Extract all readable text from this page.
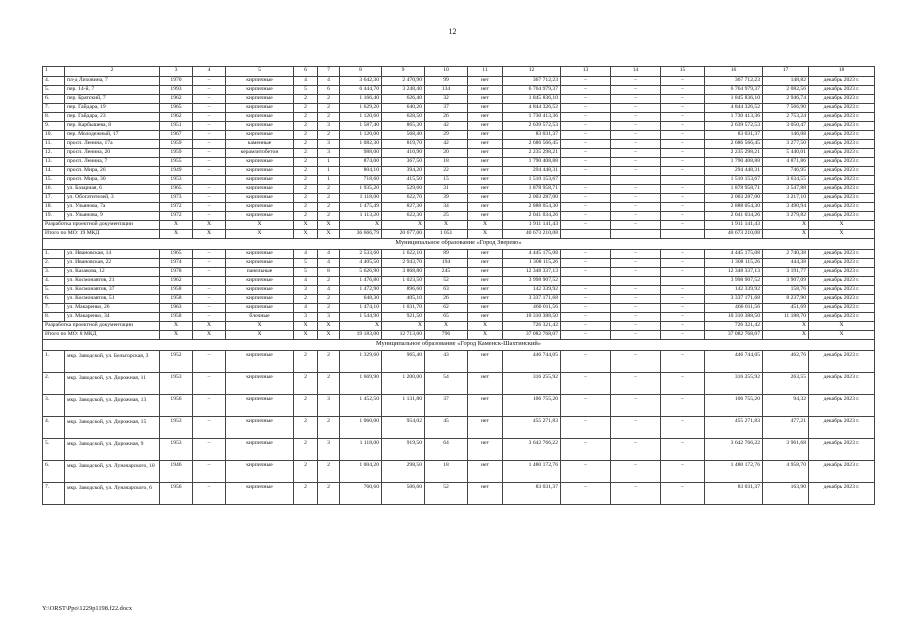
12
1	2	3	4	5	6	7	8	9	10	11	12	13	14	15	16	17	18
4.	пл-д Лиховина, 7	1970	–	кирпичные	4	4	3 642,30	2 470,90	99	нет	367 712,23	–	–	–	367 712,23	148,82	декабрь 2023 г.
5.	пер. 14-й, 7	1993	–	кирпичные	5	6	6 444,70	3 248,40	134	нет	6 764 979,37	–	–	–	6 764 979,37	2 082,56	декабрь 2023 г.
6.	пер. Братский, 7	1962	–	кирпичные	2	2	1 166,40	626,40	32	нет	1 845 836,10	–	–	–	1 845 836,10	2 946,74	декабрь 2023 г.
7.	пер. Гайдара, 19	1965	–	кирпичные	2	2	1 629,20	640,20	37	нет	4 844 326,52	–	–	–	4 844 326,52	7 566,90	декабрь 2023 г.
8.	пер. Гайдара, 23	1962	–	кирпичные	2	2	1 120,60	628,50	26	нет	1 730 413,36	–	–	–	1 730 413,36	2 753,24	декабрь 2023 г.
9.	пер. Карбышева, 8	1951	–	кирпичные	2	3	1 587,40	865,30	42	нет	2 639 572,53	–	–	–	2 639 572,53	3 050,47	декабрь 2023 г.
10.	пер. Молодежный, 17	1967	–	кирпичные	2	2	1 120,00	568,40	29	нет	83 031,37	–	–	–	83 031,37	146,08	декабрь 2023 г.
11.	просп. Ленина, 17а	1959	–	каменные	2	3	1 082,30	819,70	42	нет	2 686 566,45	–	–	–	2 686 566,45	3 277,50	декабрь 2023 г.
12.	просп. Ленина, 20	1959	–	керамзитобетон	2	3	988,00	410,90	20	нет	2 235 298,21	–	–	–	2 235 298,21	5 440,01	декабрь 2023 г.
13.	просп. Ленина, 7	1955	–	кирпичные	2	1	874,00	367,50	18	нет	1 790 408,88	–	–	–	1 790 408,88	4 871,86	декабрь 2023 г.
14.	просп. Мира, 26	1949	–	кирпичные	2	1	804,10	394,20	22	нет	294 448,31	–	–	–	294 448,31	746,95	декабрь 2023 г.
15.	просп. Мира, 30	1953		кирпичные	2	1	718,60	415,50	15	нет	1 510 153,67				1 510 153,67	3 634,55	декабрь 2023 г.
16.	ул. Базарная, 6	1965	–	кирпичные	2	2	1 935,20	529,60	31	нет	1 878 958,71	–	–	–	1 878 958,71	3 547,88	декабрь 2023 г.
17.	ул. Обогатителей, 3	1973	–	кирпичные	2	2	1 118,00	622,70	39	нет	2 003 287,00	–	–	–	2 003 287,00	3 217,10	декабрь 2023 г.
18.	ул. Ульянова, 7а	1972	–	кирпичные	2	2	1 475,49	827,30	34	нет	2 888 054,30	–	–	–	2 888 054,30	3 490,94	декабрь 2023 г.
19.	ул. Ульянова, 9	1972	–	кирпичные	2	2	1 113,20	622,30	25	нет	2 041 034,26	–	–	–	2 041 034,26	3 279,82	декабрь 2023 г.
Разработка проектной документации		X	X	X	X	X	X	X	X	X	1 911 141,43	–	–	–	1 911 141,43	X	X
Итого по МО: 19 МКД		X	X	X	X	X	36 666,79	20 677,00	1 051	X	40 673 210,08				40 673 210,08	X	X
Муниципальное образование «Город Зверево»																	
1.	ул. Ивановская, 14	1965	–	кирпичные	4	4	2 533,60	1 622,10	89	нет	4 445 175,08	–	–	–	4 445 175,08	2 740,38	декабрь 2023 г.
2.	ул. Ивановская, 22	1974	–	кирпичные	5	4	4 405,50	2 943,70	194	нет	1 308 115,26	–	–	–	1 308 115,26	444,38	декабрь 2023 г.
3.	ул. Казакова, 12	1978	–	панельные	5	8	5 626,90	3 868,80	245	нет	12 348 337,13	–	–	–	12 348 337,13	3 191,77	декабрь 2023 г.
4.	ул. Космонавтов, 21	1962		кирпичные	4	2	1 476,80	1 023,50	52	нет	3 998 907,52				3 998 907,52	3 907,09	декабрь 2023 г.
5.	ул. Космонавтов, 37	1958	–	кирпичные	3	4	1 472,90	896,60	63	нет	142 339,92	–	–	–	142 339,92	158,76	декабрь 2023 г.
6.	ул. Космонавтов, 51	1958	–	кирпичные	2	2	648,30	405,10	26	нет	3 337 171,68	–	–	–	3 337 171,68	8 237,90	декабрь 2023 г.
7.	ул. Макаренко, 26	1963	–	кирпичные	4	2	1 474,10	1 031,70	62	нет	466 011,56	–	–	–	466 011,56	451,69	декабрь 2023 г.
8.	ул. Макаренко, 34	1958	–	блочные	3	3	1 544,90	921,50	65	нет	10 310 388,50	–	–	–	10 310 388,50	11 188,70	декабрь 2023 г.
Разработка проектной документации		X	X	X	X	X	X	X	X	X	726 321,42	–	–	–	726 321,42	X	X
Итого по МО: 8 МКД		X	X	X	X	X	19 183,00	12 713,00	796	X	37 082 768,07	–	–	–	37 082 768,07	X	X
Муниципальное образование «Город Каменск-Шахтинский»																	
1.	мкр. Заводской, ул. Бельгорская, 3	1952	–	кирпичные	2	2	1 329,60	965,40	43	нет	446 744,05	–	–	–	446 744,05	462,76	декабрь 2023 г.
2.	мкр. Заводской, ул. Дорожная, 11	1953	–	кирпичные	2	2	1 669,90	1 200,00	54	нет	316 255,92	–	–	–	316 255,92	263,55	декабрь 2023 г.
3.	мкр. Заводской, ул. Дорожная, 13	1956	–	кирпичные	2	3	1 452,50	1 131,80	37	нет	106 755,20	–	–	–	106 755,20	94,32	декабрь 2023 г.
4.	мкр. Заводской, ул. Дорожная, 15	1953	–	кирпичные	2	2	1 060,00	954,02	45	нет	455 271,83	–	–	–	455 271,83	477,21	декабрь 2023 г.
5.	мкр. Заводской, ул. Дорожная, 9	1953	–	кирпичные	2	3	1 118,00	919,50	64	нет	3 642 766,22	–	–	–	3 642 766,22	3 961,68	декабрь 2023 г.
6.	мкр. Заводской, ул. Луначарского, 10	1946	–	кирпичные	2	2	1 004,20	298,50	18	нет	1 480 172,76	–	–	–	1 480 172,76	4 958,70	декабрь 2023 г.
7.	мкр. Заводской, ул. Луначарского, 6	1956	–	кирпичные	2	2	760,60	506,60	52	нет	83 031,37	–	–	–	83 031,37	163,90	декабрь 2023 г.
Y:\ORST\Ppo\1229p1198.f22.docx
